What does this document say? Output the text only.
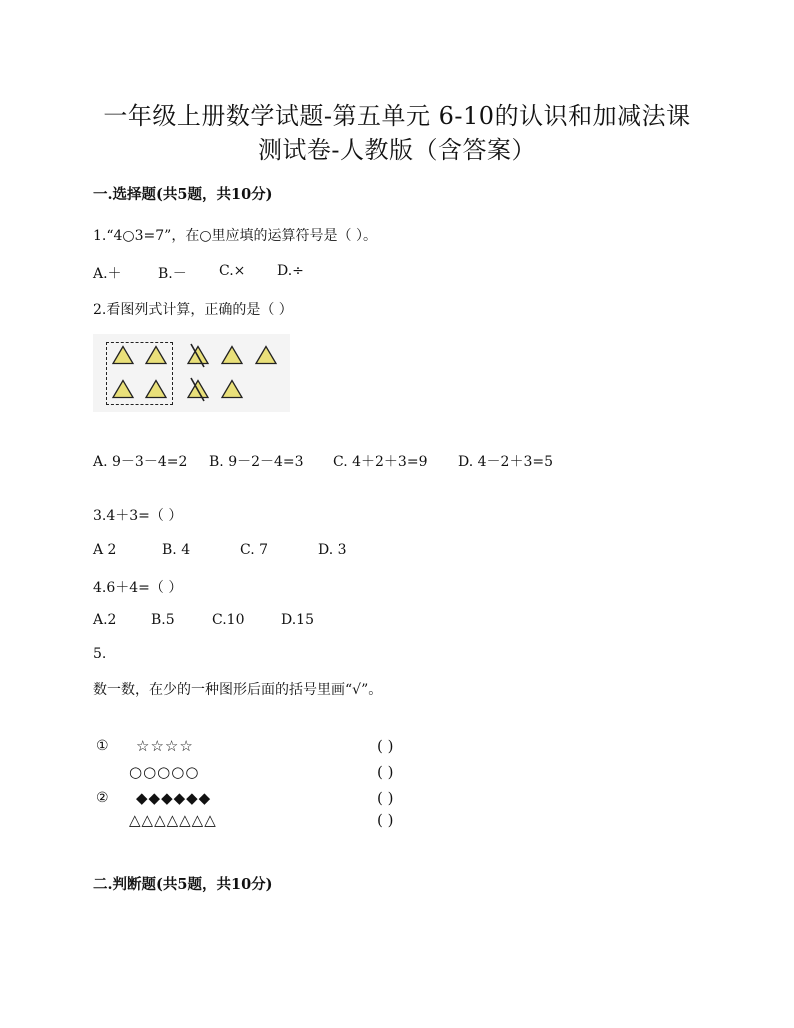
一年级上册数学试题-第五单元 6-10的认识和加减法课
测试卷-人教版（含答案）
一.选择题(共5题，共10分)
1.“4○3=7”，在○里应填的运算符号是（ ）。
A.＋	B.－ C.× D.÷
2.看图列式计算，正确的是（ ）
A. 9－3－4=2 B. 9－2－4=3 C. 4＋2＋3=9 D. 4－2＋3=5
3.4＋3=（ ）
A 2	B. 4	C. 7	D. 3
4.6＋4=（ ）
A.2 B.5	C.10	D.15
5.
数一数，在少的一种图形后面的括号里画“√”。
① ☆☆☆☆	( )
○○○○○	( )
② ◆◆◆◆◆◆	( )
△△△△△△△	( )
二.判断题(共5题，共10分)
